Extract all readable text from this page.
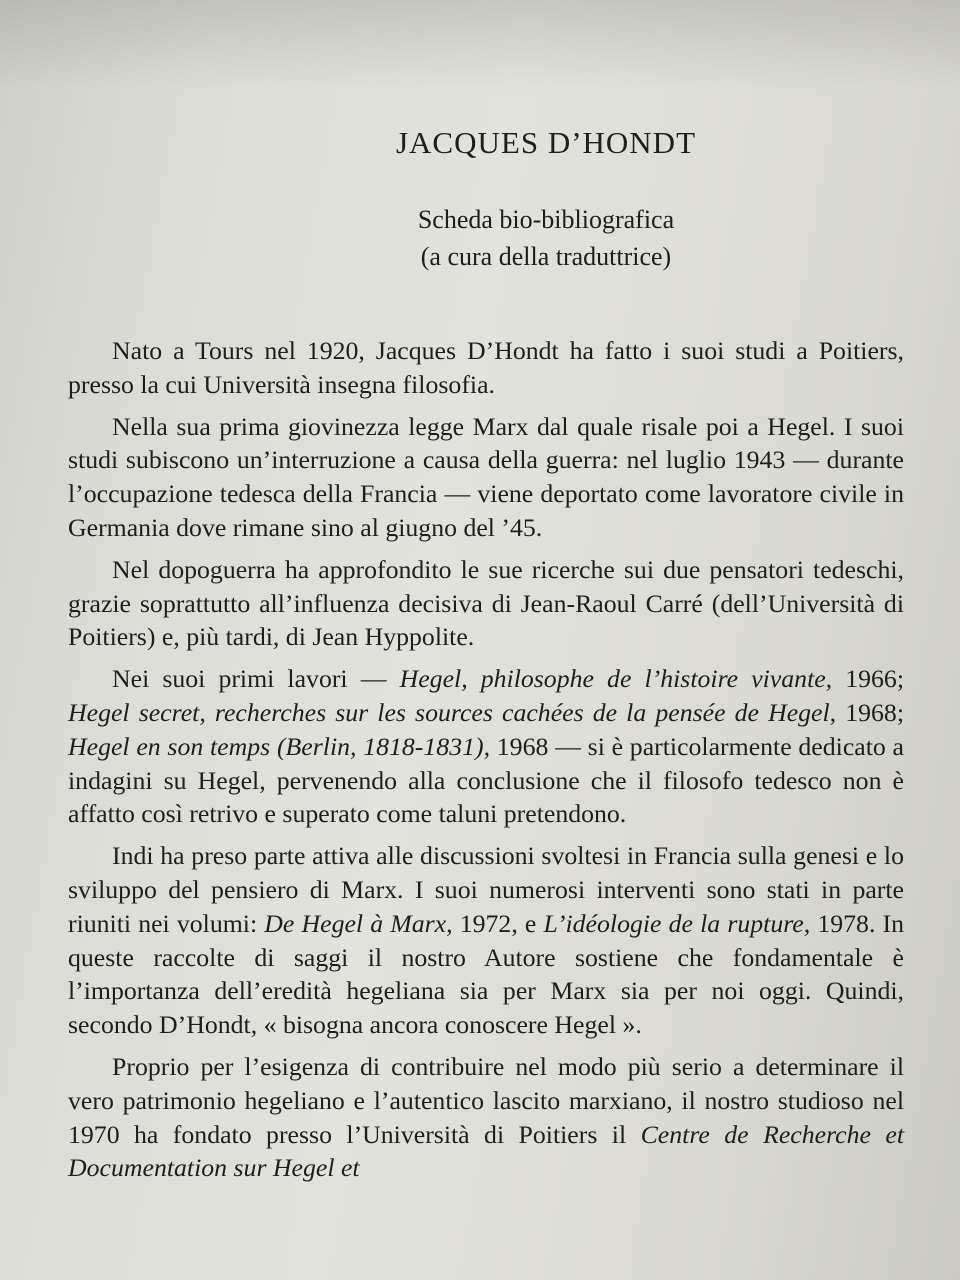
JACQUES D’HONDT
Scheda bio-bibliografica
(a cura della traduttrice)

Nato a Tours nel 1920, Jacques D’Hondt ha fatto i suoi studi a Poitiers, presso la cui Università insegna filosofia.

Nella sua prima giovinezza legge Marx dal quale risale poi a Hegel. I suoi studi subiscono un’interruzione a causa della guerra: nel luglio 1943 — durante l’occupazione tedesca della Francia — viene deportato come lavoratore civile in Germania dove rimane sino al giugno del ’45.

Nel dopoguerra ha approfondito le sue ricerche sui due pensatori tedeschi, grazie soprattutto all’influenza decisiva di Jean-Raoul Carré (dell’Università di Poitiers) e, più tardi, di Jean Hyppolite.

Nei suoi primi lavori — Hegel, philosophe de l’histoire vivante, 1966; Hegel secret, recherches sur les sources cachées de la pensée de Hegel, 1968; Hegel en son temps (Berlin, 1818-1831), 1968 — si è particolarmente dedicato a indagini su Hegel, pervenendo alla conclusione che il filosofo tedesco non è affatto così retrivo e superato come taluni pretendono.

Indi ha preso parte attiva alle discussioni svoltesi in Francia sulla genesi e lo sviluppo del pensiero di Marx. I suoi numerosi interventi sono stati in parte riuniti nei volumi: De Hegel à Marx, 1972, e L’idéologie de la rupture, 1978. In queste raccolte di saggi il nostro Autore sostiene che fondamentale è l’importanza dell’eredità hegeliana sia per Marx sia per noi oggi. Quindi, secondo D’Hondt, « bisogna ancora conoscere Hegel ».

Proprio per l’esigenza di contribuire nel modo più serio a determinare il vero patrimonio hegeliano e l’autentico lascito marxiano, il nostro studioso nel 1970 ha fondato presso l’Università di Poitiers il Centre de Recherche et Documentation sur Hegel et
